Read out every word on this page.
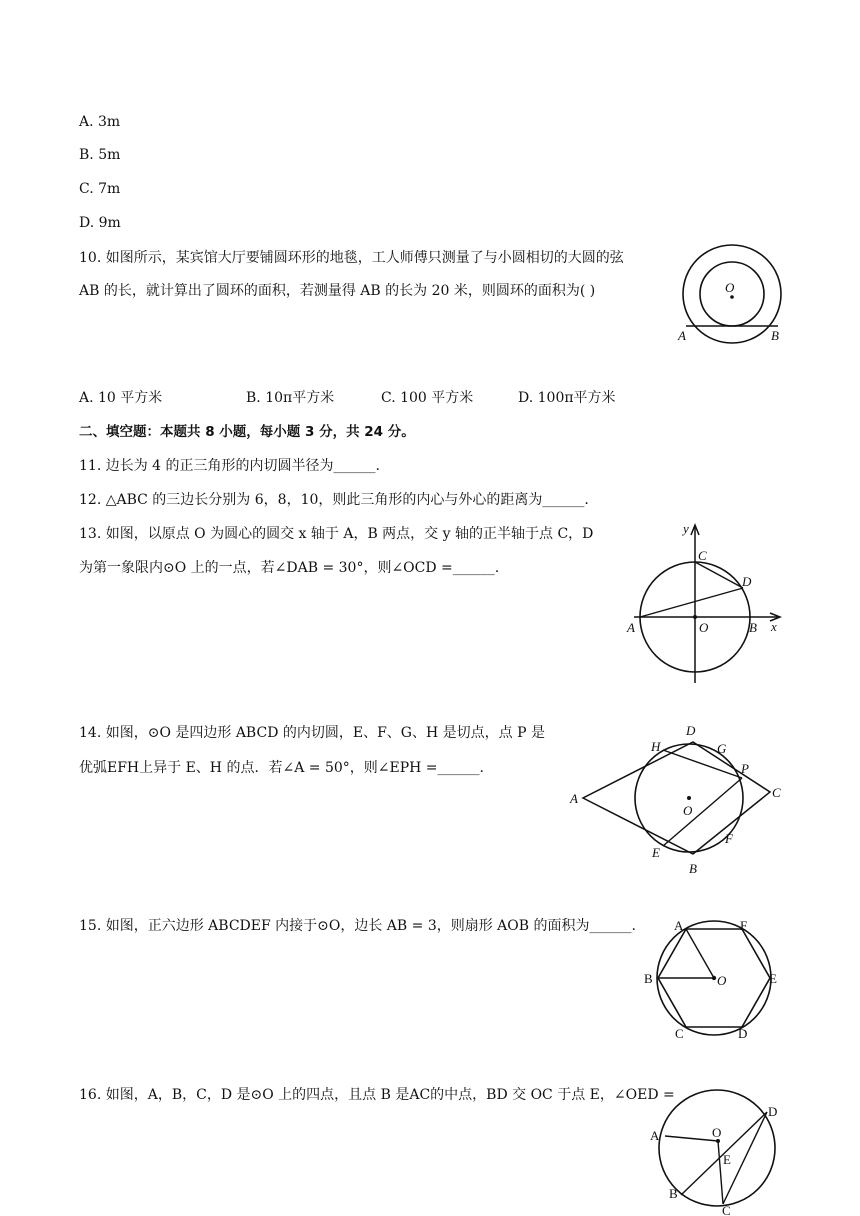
A. 3m
B. 5m
C. 7m
D. 9m
10. 如图所示，某宾馆大厅要铺圆环形的地毯，工人师傅只测量了与小圆相切的大圆的弦
AB 的长，就计算出了圆环的面积，若测量得 AB 的长为 20 米，则圆环的面积为( )	O
A	B
A. 10 平方米	B. 10π平方米	C. 100 平方米	D. 100π平方米
二、填空题：本题共 8 小题，每小题 3 分，共 24 分。
11. 边长为 4 的正三角形的内切圆半径为______.
12. △ABC 的三边长分别为 6，8，10，则此三角形的内心与外心的距离为______.
13. 如图，以原点 O 为圆心的圆交 x 轴于 A，B 两点，交 y 轴的正半轴于点 C，D
为第一象限内⊙O 上的一点，若∠DAB = 30°，则∠OCD =______.
y
x
C
D
A	O	B
14. 如图，⊙O 是四边形 ABCD 的内切圆，E、F、G、H 是切点，点 P 是
优弧EFH上异于 E、H 的点．若∠A = 50°，则∠EPH =______.
D
H	G
A
P
C
O
E
F
B
15. 如图，正六边形 ABCDEF 内接于⊙O，边长 AB = 3，则扇形 AOB 的面积为______.	A	F
B	O	E
C	D
16. 如图，A，B，C，D 是⊙O 上的四点，且点 B 是AC的中点，BD 交 OC 于点 E，∠OED =
D
A	O
E
B
C
